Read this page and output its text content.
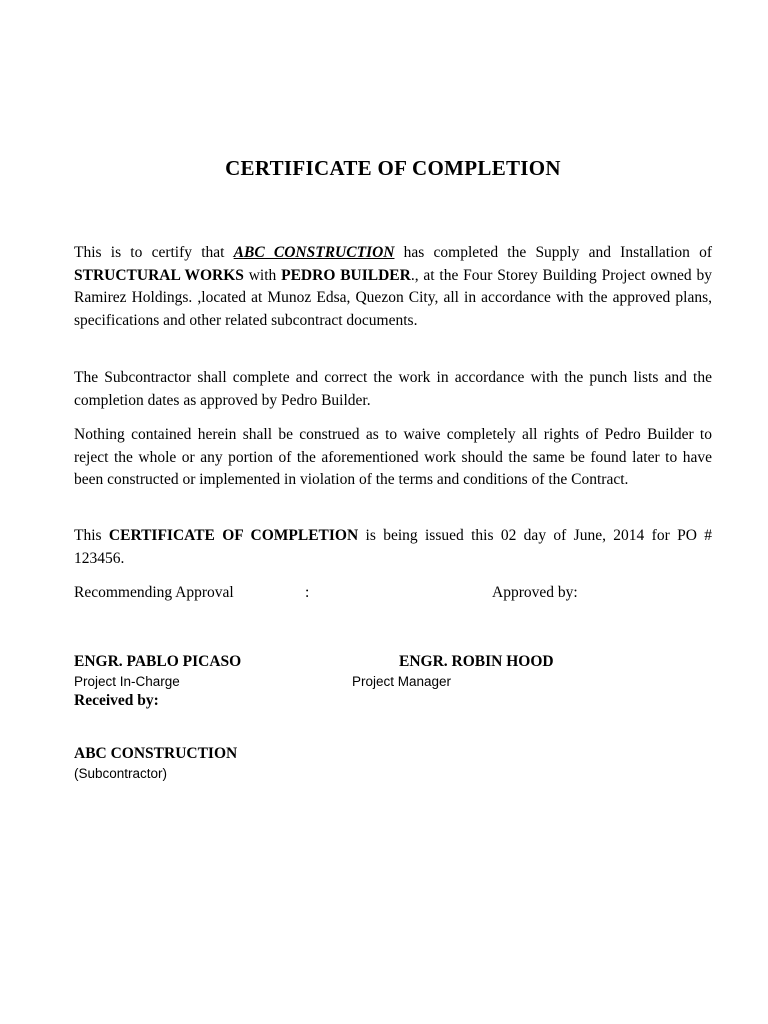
CERTIFICATE OF COMPLETION
This is to certify that ABC CONSTRUCTION has completed the Supply and Installation of STRUCTURAL WORKS with PEDRO BUILDER., at the Four Storey Building Project owned by Ramirez Holdings. ,located at Munoz Edsa, Quezon City, all in accordance with the approved plans, specifications and other related subcontract documents.
The Subcontractor shall complete and correct the work in accordance with the punch lists and the completion dates as approved by Pedro Builder.
Nothing contained herein shall be construed as to waive completely all rights of Pedro Builder to reject the whole or any portion of the aforementioned work should the same be found later to have been constructed or implemented in violation of the terms and conditions of the Contract.
This CERTIFICATE OF COMPLETION is being issued this 02 day of June, 2014 for PO # 123456.
Recommending Approval	:	Approved by:
ENGR. PABLO PICASO	ENGR. ROBIN HOOD
Project In-Charge	Project Manager
Received by:
ABC CONSTRUCTION
(Subcontractor)
